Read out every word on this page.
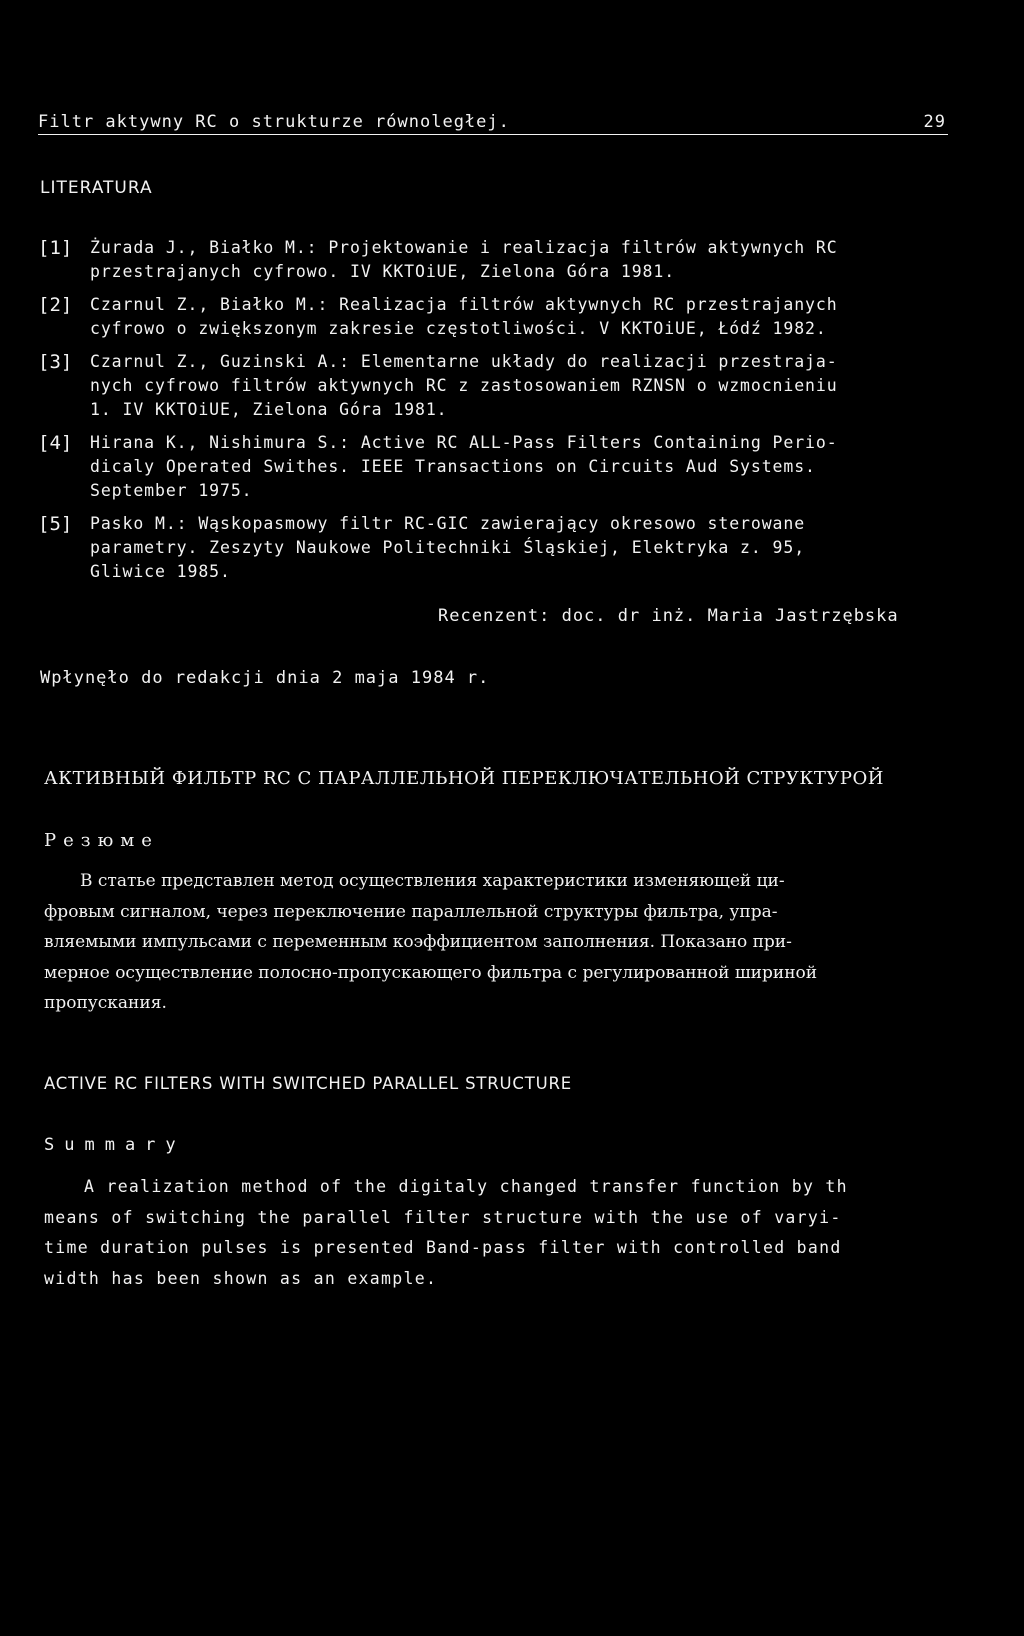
Filtr aktywny RC o strukturze równoległej.	29
LITERATURA
[1] Żurada J., Białko M.: Projektowanie i realizacja filtrów aktywnych RC
przestrajanych cyfrowo. IV KKTOiUE, Zielona Góra 1981.
[2] Czarnul Z., Białko M.: Realizacja filtrów aktywnych RC przestrajanych
cyfrowo o zwiększonym zakresie częstotliwości. V KKTOiUE, Łódź 1982.
[3] Czarnul Z., Guzinski A.: Elementarne układy do realizacji przestraja-
nych cyfrowo filtrów aktywnych RC z zastosowaniem RZNSN o wzmocnieniu
1. IV KKTOiUE, Zielona Góra 1981.
[4] Hirana K., Nishimura S.: Active RC ALL-Pass Filters Containing Perio-
dicaly Operated Swithes. IEEE Transactions on Circuits Aud Systems.
September 1975.
[5] Pasko M.: Wąskopasmowy filtr RC-GIC zawierający okresowo sterowane
parametry. Zeszyty Naukowe Politechniki Śląskiej, Elektryka z. 95,
Gliwice 1985.
Recenzent: doc. dr inż. Maria Jastrzębska
Wpłynęło do redakcji dnia 2 maja 1984 r.
АКТИВНЫЙ ФИЛЬТР RC С ПАРАЛЛЕЛЬНОЙ ПЕРЕКЛЮЧАТЕЛЬНОЙ СТРУКТУРОЙ
Резюме
В статье представлен метод осуществления характеристики изменяющей ци-
фровым сигналом, через переключение параллельной структуры фильтра, упра-
вляемыми импульсами с переменным коэффициентом заполнения. Показано при-
мерное осуществление полосно-пропускающего фильтра с регулированной шириной
пропускания.
ACTIVE RC FILTERS WITH SWITCHED PARALLEL STRUCTURE
Summary
A realization method of the digitaly changed transfer function by th
means of switching the parallel filter structure with the use of varyi-
time duration pulses is presented Band-pass filter with controlled band
width has been shown as an example.
